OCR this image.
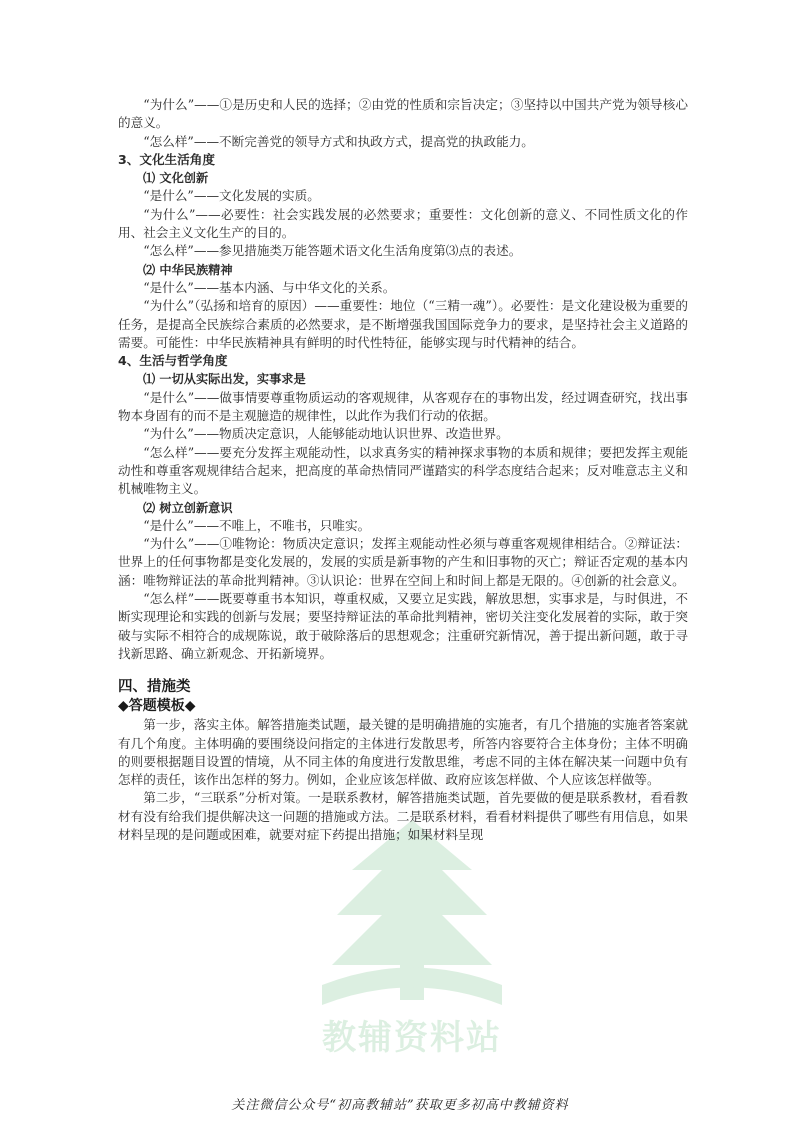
教辅资料站

“为什么”——①是历史和人民的选择；②由党的性质和宗旨决定；③坚持以中国共产党为领导核心的意义。

“怎么样”——不断完善党的领导方式和执政方式，提高党的执政能力。

3、文化生活角度

⑴ 文化创新

“是什么”——文化发展的实质。

“为什么”——必要性：社会实践发展的必然要求；重要性：文化创新的意义、不同性质文化的作用、社会主义文化生产的目的。

“怎么样”——参见措施类万能答题术语文化生活角度第⑶点的表述。

⑵ 中华民族精神

“是什么”——基本内涵、与中华文化的关系。

“为什么”（弘扬和培育的原因）——重要性：地位（“三精一魂”）。必要性：是文化建设极为重要的任务，是提高全民族综合素质的必然要求，是不断增强我国国际竞争力的要求，是坚持社会主义道路的需要。可能性：中华民族精神具有鲜明的时代性特征，能够实现与时代精神的结合。

4、生活与哲学角度

⑴ 一切从实际出发，实事求是

“是什么”——做事情要尊重物质运动的客观规律，从客观存在的事物出发，经过调查研究，找出事物本身固有的而不是主观臆造的规律性，以此作为我们行动的依据。

“为什么”——物质决定意识，人能够能动地认识世界、改造世界。

“怎么样”——要充分发挥主观能动性，以求真务实的精神探求事物的本质和规律；要把发挥主观能动性和尊重客观规律结合起来，把高度的革命热情同严谨踏实的科学态度结合起来；反对唯意志主义和机械唯物主义。

⑵ 树立创新意识

“是什么”——不唯上，不唯书，只唯实。

“为什么”——①唯物论：物质决定意识；发挥主观能动性必须与尊重客观规律相结合。②辩证法：世界上的任何事物都是变化发展的，发展的实质是新事物的产生和旧事物的灭亡；辩证否定观的基本内涵：唯物辩证法的革命批判精神。③认识论：世界在空间上和时间上都是无限的。④创新的社会意义。

“怎么样”——既要尊重书本知识，尊重权威，又要立足实践，解放思想，实事求是，与时俱进，不断实现理论和实践的创新与发展；要坚持辩证法的革命批判精神，密切关注变化发展着的实际，敢于突破与实际不相符合的成规陈说，敢于破除落后的思想观念；注重研究新情况，善于提出新问题，敢于寻找新思路、确立新观念、开拓新境界。

四、措施类

◆答题模板◆

第一步，落实主体。解答措施类试题，最关键的是明确措施的实施者，有几个措施的实施者答案就有几个角度。主体明确的要围绕设问指定的主体进行发散思考，所答内容要符合主体身份；主体不明确的则要根据题目设置的情境，从不同主体的角度进行发散思维，考虑不同的主体在解决某一问题中负有怎样的责任，该作出怎样的努力。例如，企业应该怎样做、政府应该怎样做、个人应该怎样做等。

第二步，“三联系”分析对策。一是联系教材，解答措施类试题，首先要做的便是联系教材，看看教材有没有给我们提供解决这一问题的措施或方法。二是联系材料，看看材料提供了哪些有用信息，如果材料呈现的是问题或困难，就要对症下药提出措施；如果材料呈现

关注微信公众号“初高教辅站”获取更多初高中教辅资料
